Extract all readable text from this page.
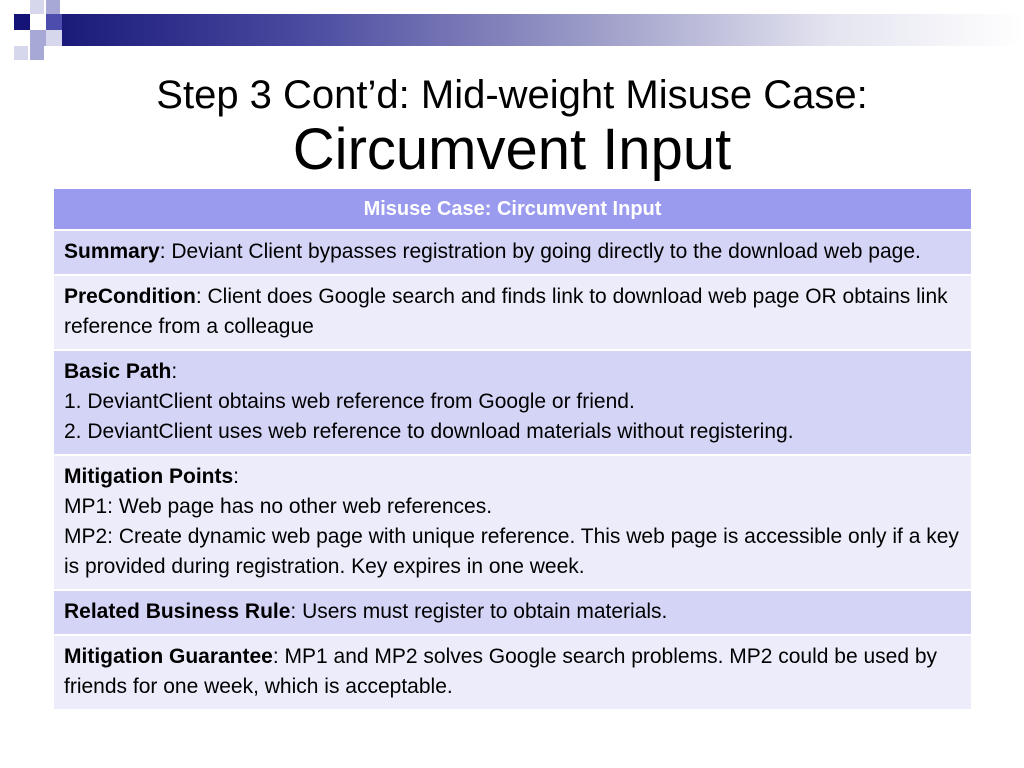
Step 3 Cont’d: Mid-weight Misuse Case:
Circumvent Input
Misuse Case: Circumvent Input
Summary: Deviant Client bypasses registration by going directly to the download web page.
PreCondition: Client does Google search and finds link to download web page OR obtains link reference from a colleague

Basic Path:
1. DeviantClient obtains web reference from Google or friend.
2. DeviantClient uses web reference to download materials without registering.

Mitigation Points:
MP1: Web page has no other web references.
MP2: Create dynamic web page with unique reference. This web page is accessible only if a key is provided during registration. Key expires in one week.

Related Business Rule: Users must register to obtain materials.
Mitigation Guarantee: MP1 and MP2 solves Google search problems. MP2 could be used by friends for one week, which is acceptable.
